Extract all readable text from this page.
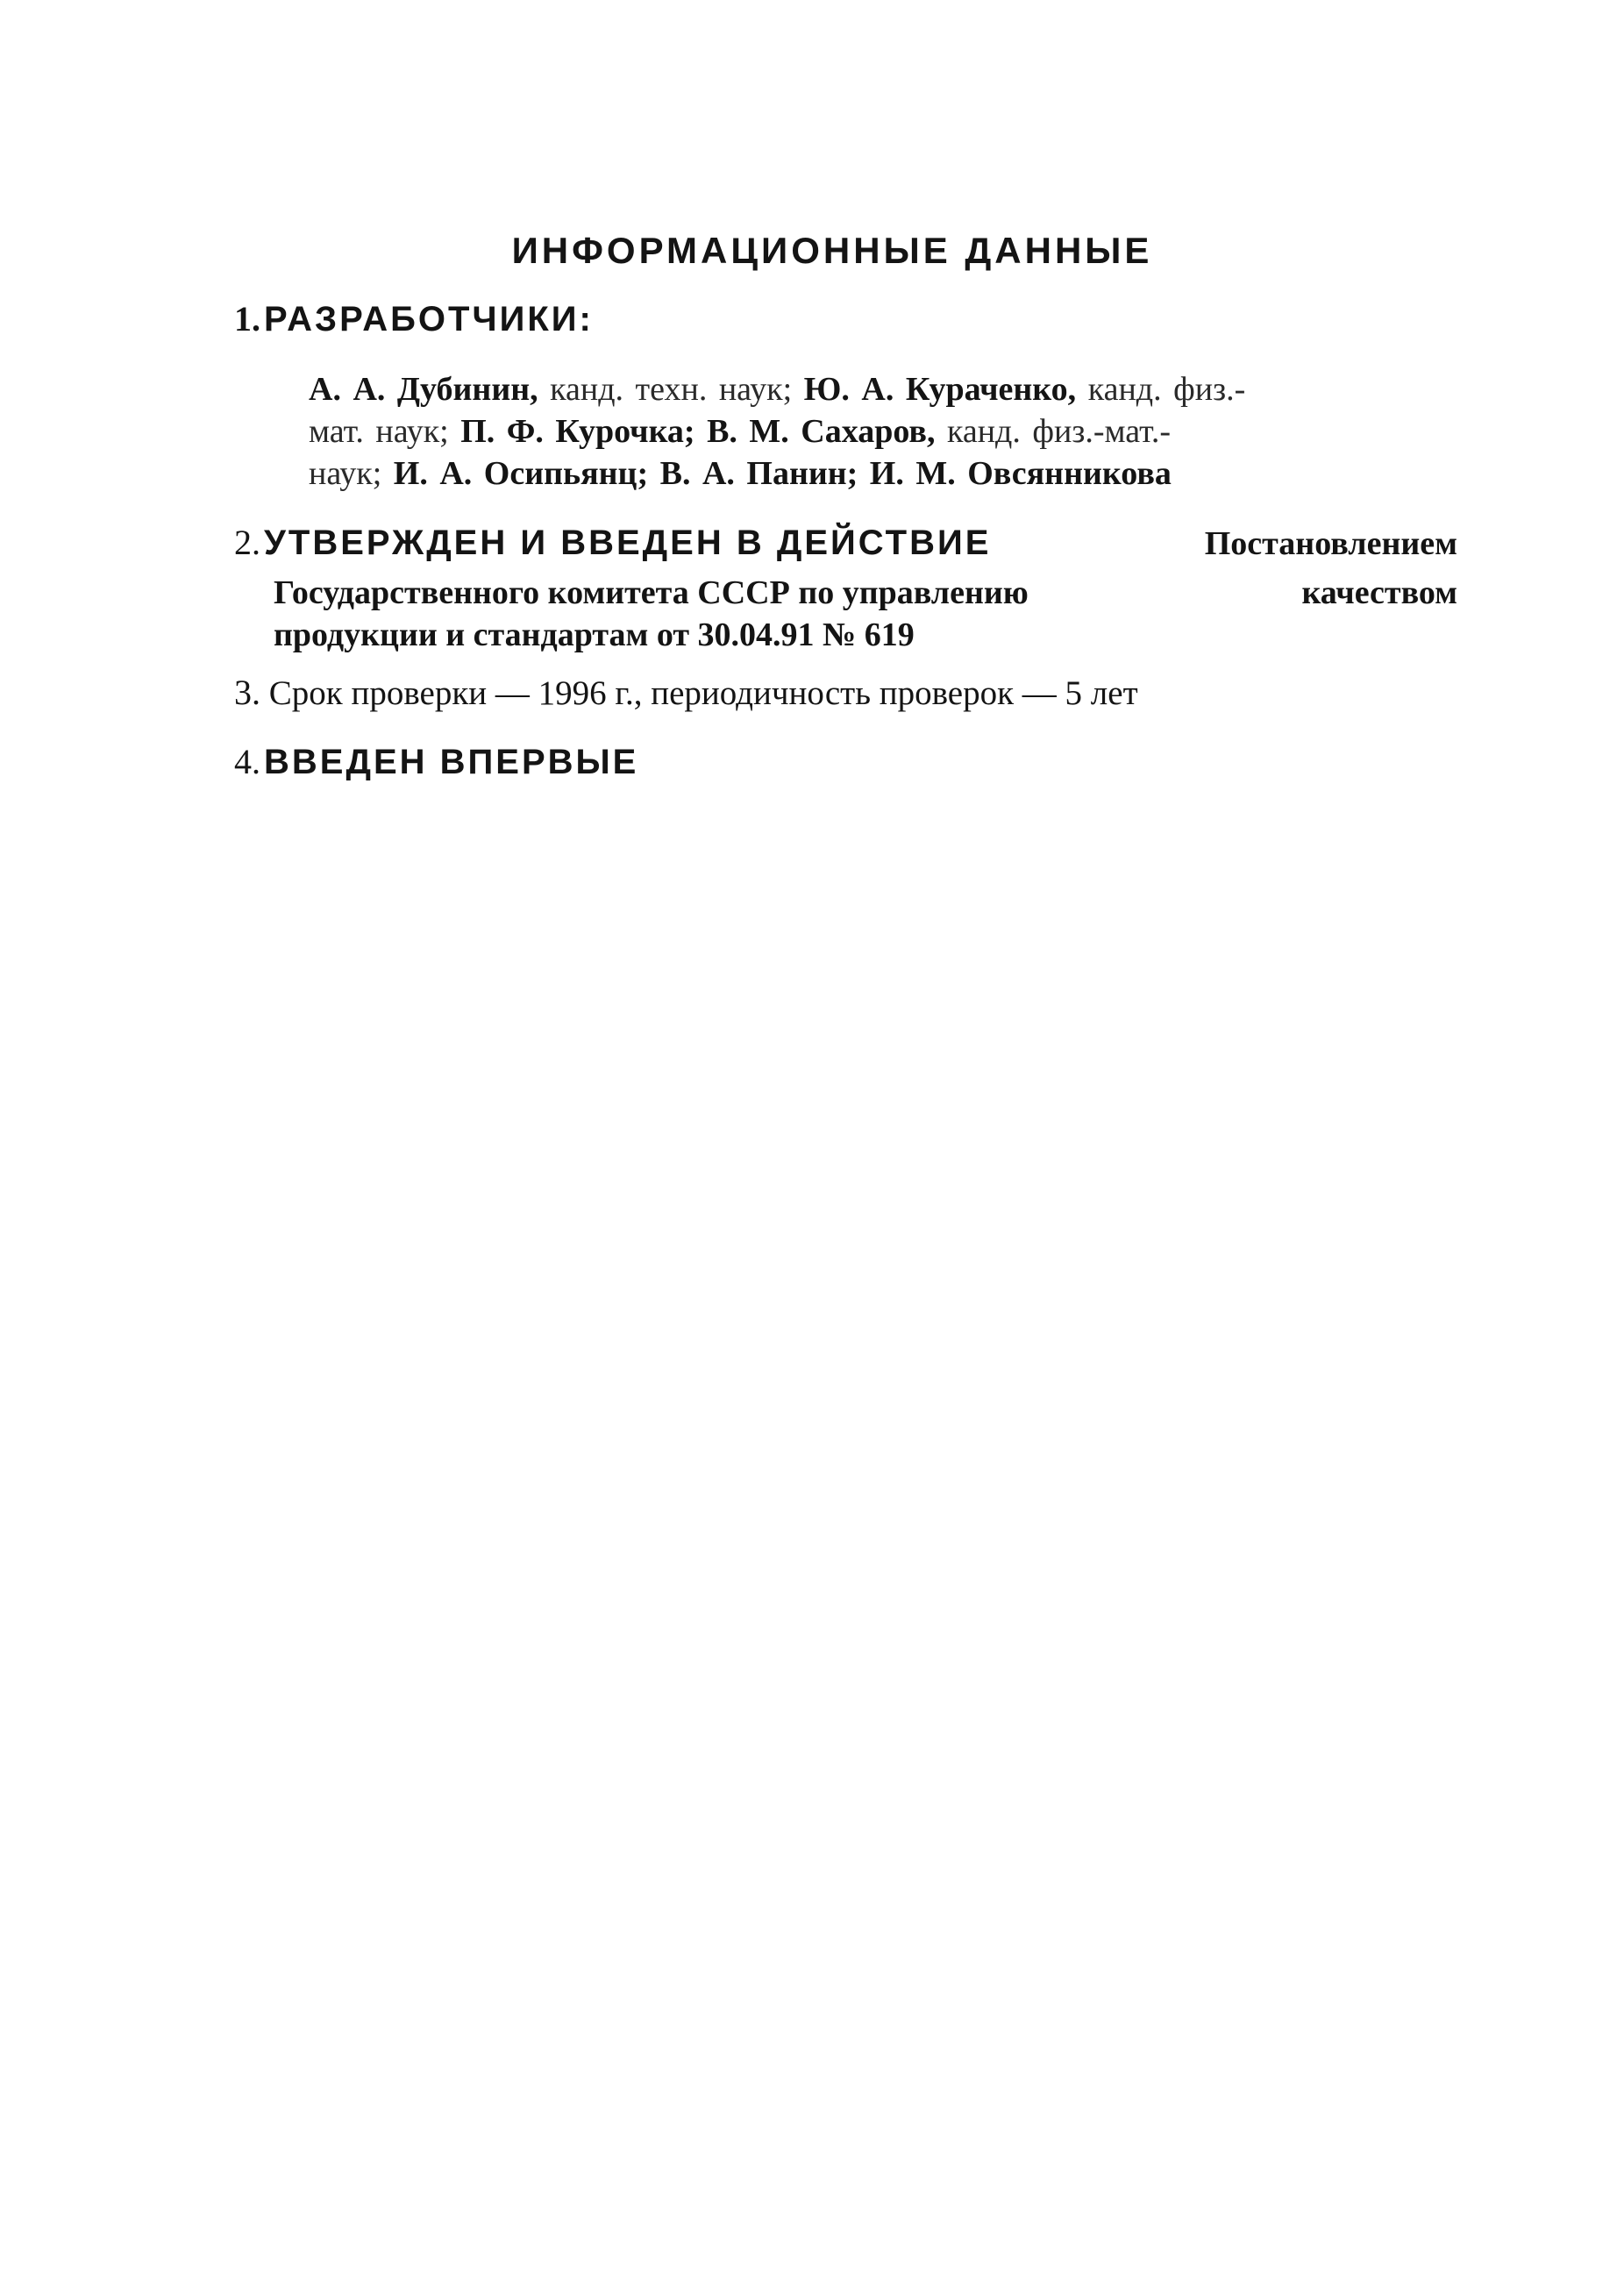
ИНФОРМАЦИОННЫЕ ДАННЫЕ
1. РАЗРАБОТЧИКИ:
А. А. Дубинин, канд. техн. наук; Ю. А. Кураченко, канд. физ.-
мат. наук; П. Ф. Курочка; В. М. Сахаров, канд. физ.-мат.-
наук; И. А. Осипьянц; В. А. Панин; И. М. Овсянникова
2. УТВЕРЖДЕН И ВВЕДЕН В ДЕЙСТВИЕ	Постановлением
Государственного комитета СССР по управлению	качеством
продукции и стандартам от 30.04.91 № 619
3. Срок проверки — 1996 г., периодичность проверок — 5 лет
4. ВВЕДЕН ВПЕРВЫЕ
